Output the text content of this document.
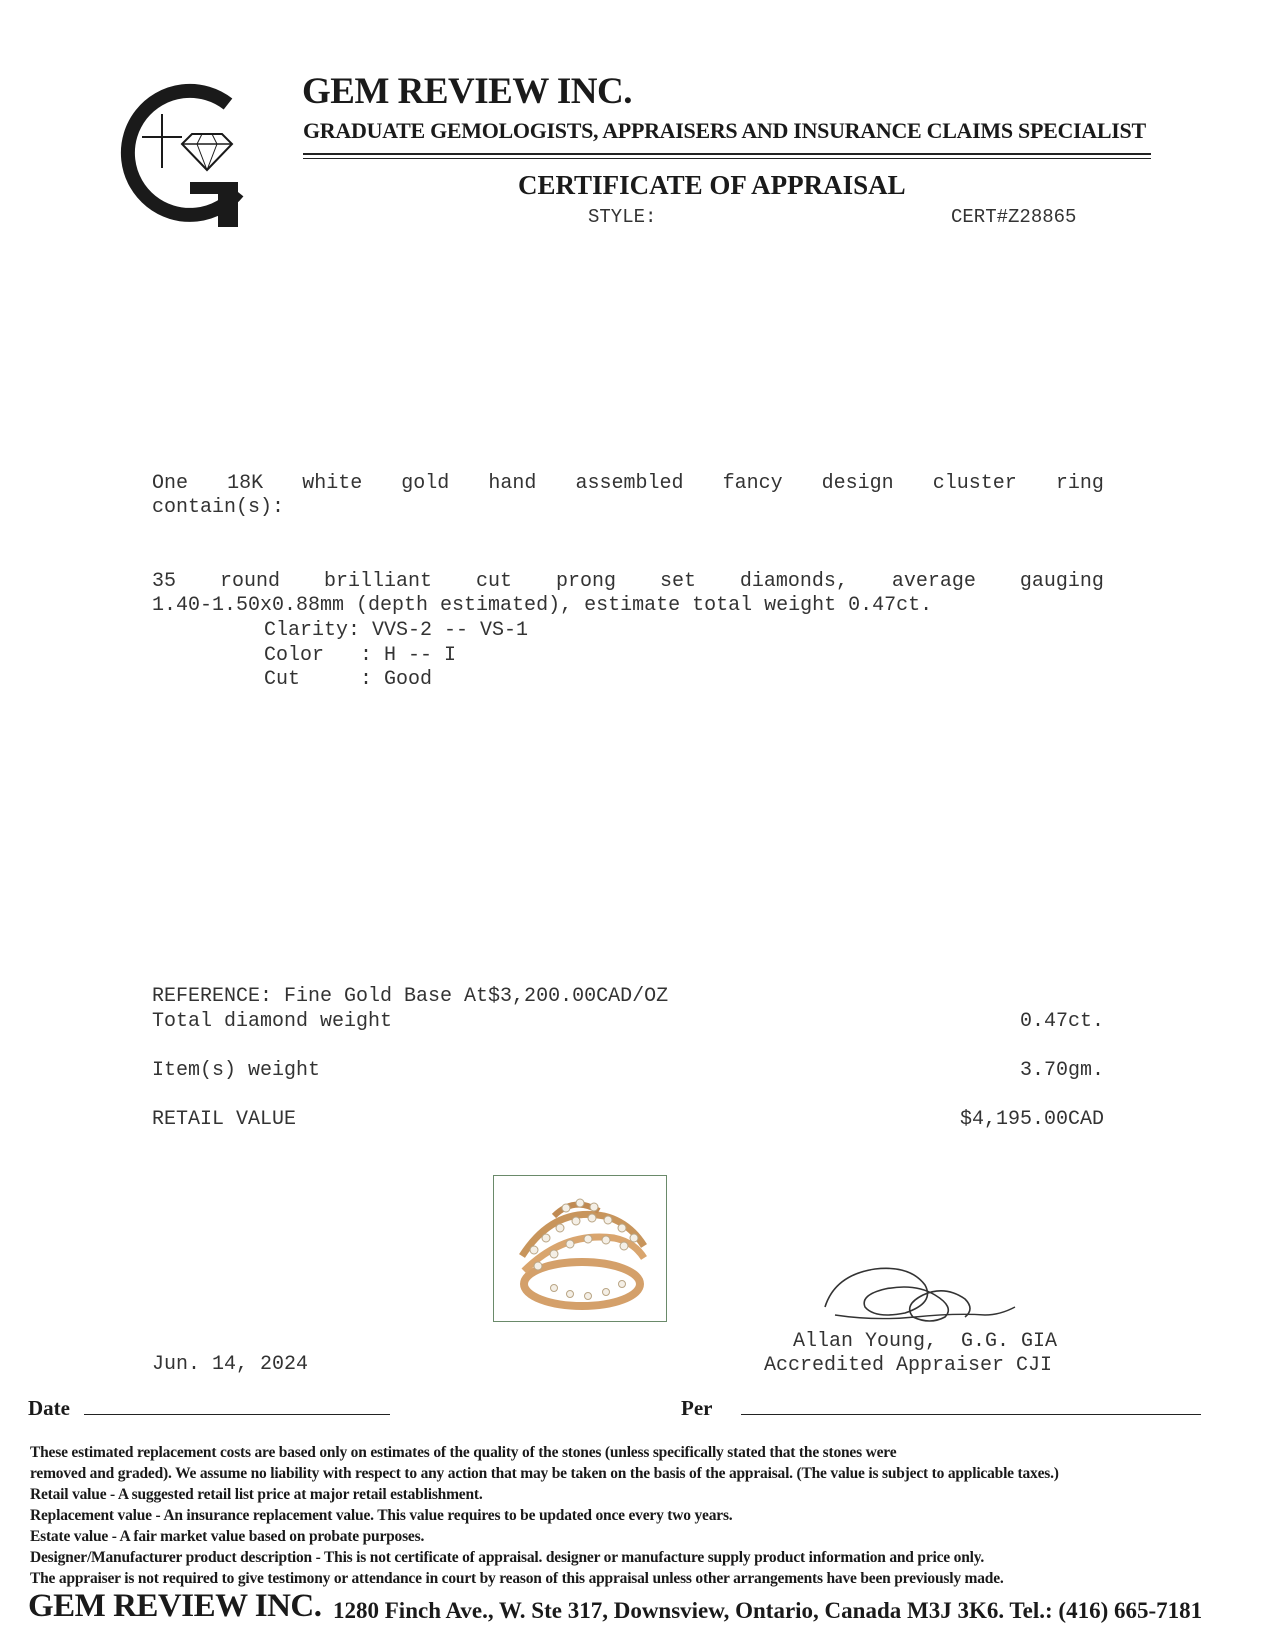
GEM REVIEW INC.
GRADUATE GEMOLOGISTS, APPRAISERS AND INSURANCE CLAIMS SPECIALIST
CERTIFICATE OF APPRAISAL
STYLE:	CERT#Z28865
One 18K white gold hand assembled fancy design cluster ring
contain(s):
35 round brilliant cut prong set diamonds, average gauging
1.40-1.50x0.88mm (depth estimated), estimate total weight 0.47ct.
Clarity: VVS-2 -- VS-1
Color   : H -- I
Cut     : Good
REFERENCE: Fine Gold Base At$3,200.00CAD/OZ
Total diamond weight	0.47ct.
Item(s) weight	3.70gm.
RETAIL VALUE	$4,195.00CAD
Allan Young,  G.G. GIA
Accredited Appraiser CJI
Jun. 14, 2024
Date	Per
These estimated replacement costs are based only on estimates of the quality of the stones (unless specifically stated that the stones were
removed and graded). We assume no liability with respect to any action that may be taken on the basis of the appraisal. (The value is subject to applicable taxes.)
Retail value - A suggested retail list price at major retail establishment.
Replacement value - An insurance replacement value. This value requires to be updated once every two years.
Estate value - A fair market value based on probate purposes.
Designer/Manufacturer product description - This is not certificate of appraisal. designer or manufacture supply product information and price only.
The appraiser is not required to give testimony or attendance in court by reason of this appraisal unless other arrangements have been previously made.
GEM REVIEW INC. 1280 Finch Ave., W. Ste 317, Downsview, Ontario, Canada M3J 3K6. Tel.: (416) 665-7181
